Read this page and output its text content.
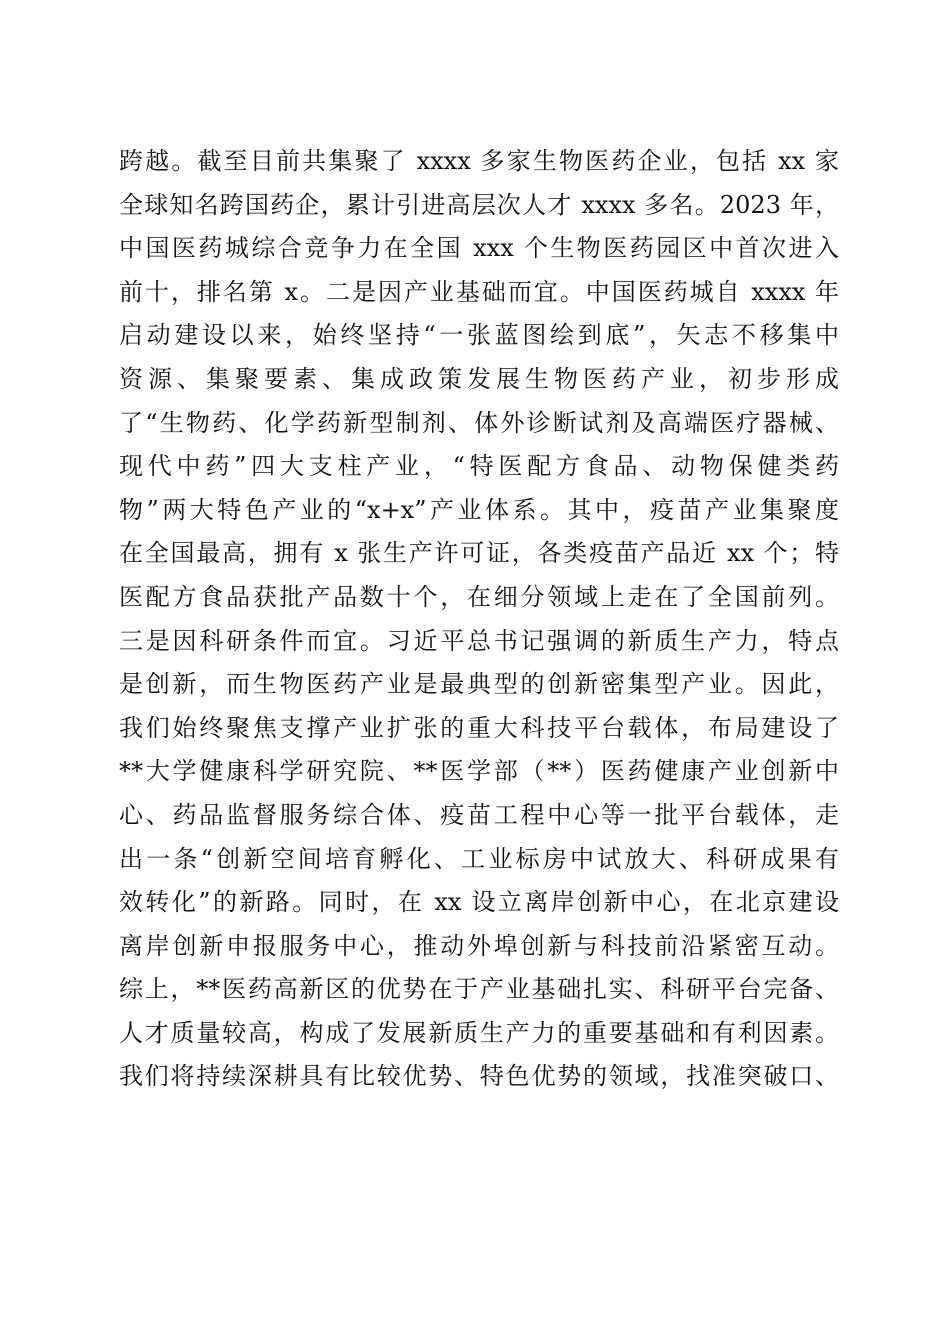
跨越。截至目前共集聚了 xxxx 多家生物医药企业，包括 xx 家
全球知名跨国药企，累计引进高层次人才 xxxx 多名。2023 年，
中国医药城综合竞争力在全国 xxx 个生物医药园区中首次进入
前十，排名第 x。二是因产业基础而宜。中国医药城自 xxxx 年
启动建设以来，始终坚持“一张蓝图绘到底”，矢志不移集中
资源、集聚要素、集成政策发展生物医药产业，初步形成
了“生物药、化学药新型制剂、体外诊断试剂及高端医疗器械、
现代中药”四大支柱产业，“特医配方食品、动物保健类药
物”两大特色产业的“x+x”产业体系。其中，疫苗产业集聚度
在全国最高，拥有 x 张生产许可证，各类疫苗产品近 xx 个；特
医配方食品获批产品数十个，在细分领域上走在了全国前列。
三是因科研条件而宜。习近平总书记强调的新质生产力，特点
是创新，而生物医药产业是最典型的创新密集型产业。因此，
我们始终聚焦支撑产业扩张的重大科技平台载体，布局建设了
**大学健康科学研究院、**医学部（**）医药健康产业创新中
心、药品监督服务综合体、疫苗工程中心等一批平台载体，走
出一条“创新空间培育孵化、工业标房中试放大、科研成果有
效转化”的新路。同时，在 xx 设立离岸创新中心，在北京建设
离岸创新申报服务中心，推动外埠创新与科技前沿紧密互动。
综上，**医药高新区的优势在于产业基础扎实、科研平台完备、
人才质量较高，构成了发展新质生产力的重要基础和有利因素。
我们将持续深耕具有比较优势、特色优势的领域，找准突破口、
